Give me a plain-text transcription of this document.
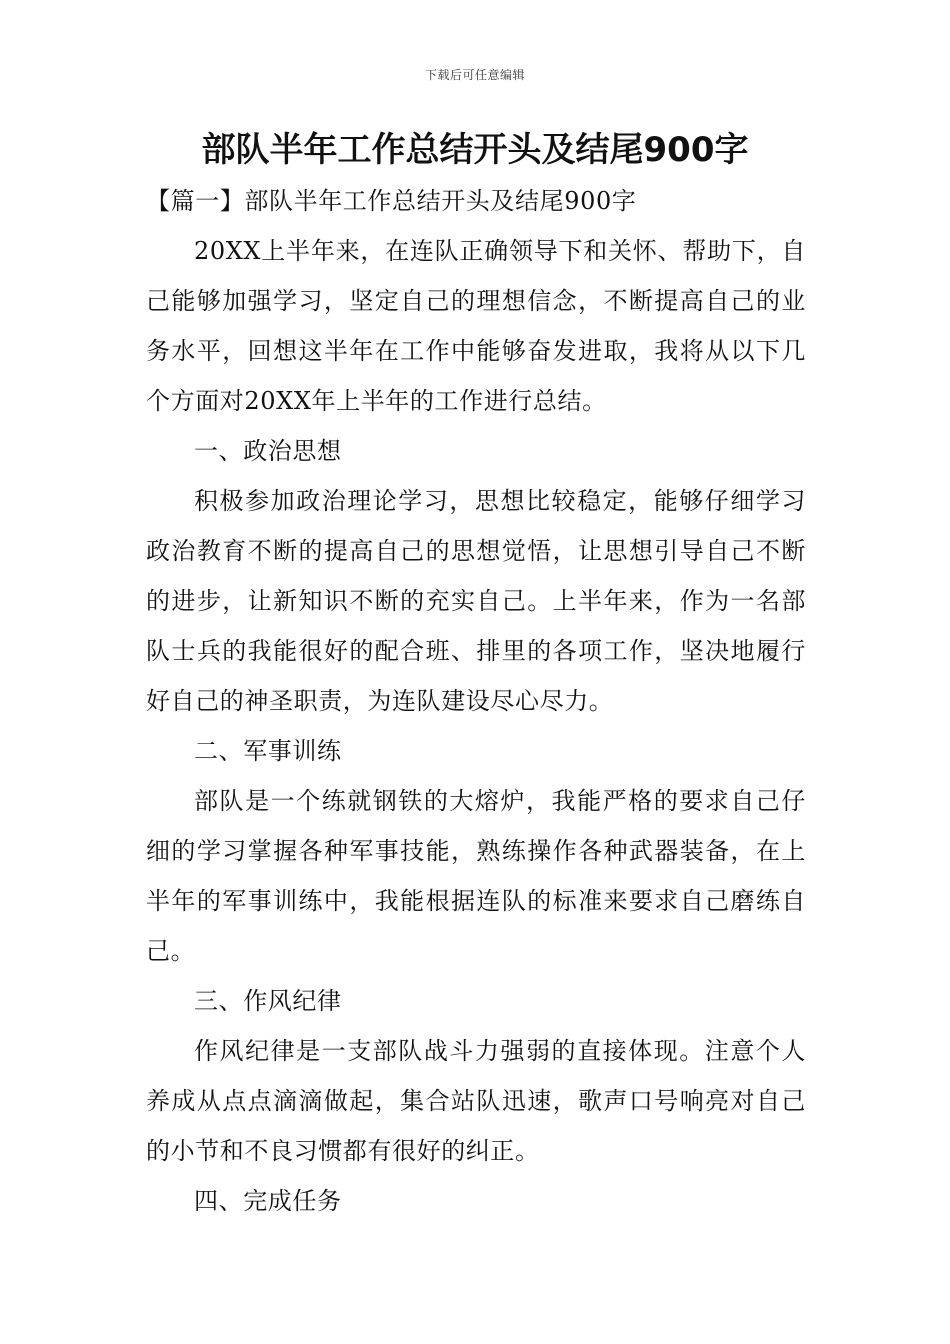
下载后可任意编辑
部队半年工作总结开头及结尾900字

【篇一】部队半年工作总结开头及结尾900字

20XX上半年来，在连队正确领导下和关怀、帮助下，自己能够加强学习，坚定自己的理想信念，不断提高自己的业务水平，回想这半年在工作中能够奋发进取，我将从以下几个方面对20XX年上半年的工作进行总结。

一、政治思想

积极参加政治理论学习，思想比较稳定，能够仔细学习政治教育不断的提高自己的思想觉悟，让思想引导自己不断的进步，让新知识不断的充实自己。上半年来，作为一名部队士兵的我能很好的配合班、排里的各项工作，坚决地履行好自己的神圣职责，为连队建设尽心尽力。

二、军事训练

部队是一个练就钢铁的大熔炉，我能严格的要求自己仔细的学习掌握各种军事技能，熟练操作各种武器装备，在上半年的军事训练中，我能根据连队的标准来要求自己磨练自己。

三、作风纪律

作风纪律是一支部队战斗力强弱的直接体现。注意个人养成从点点滴滴做起，集合站队迅速，歌声口号响亮对自己的小节和不良习惯都有很好的纠正。

四、完成任务
